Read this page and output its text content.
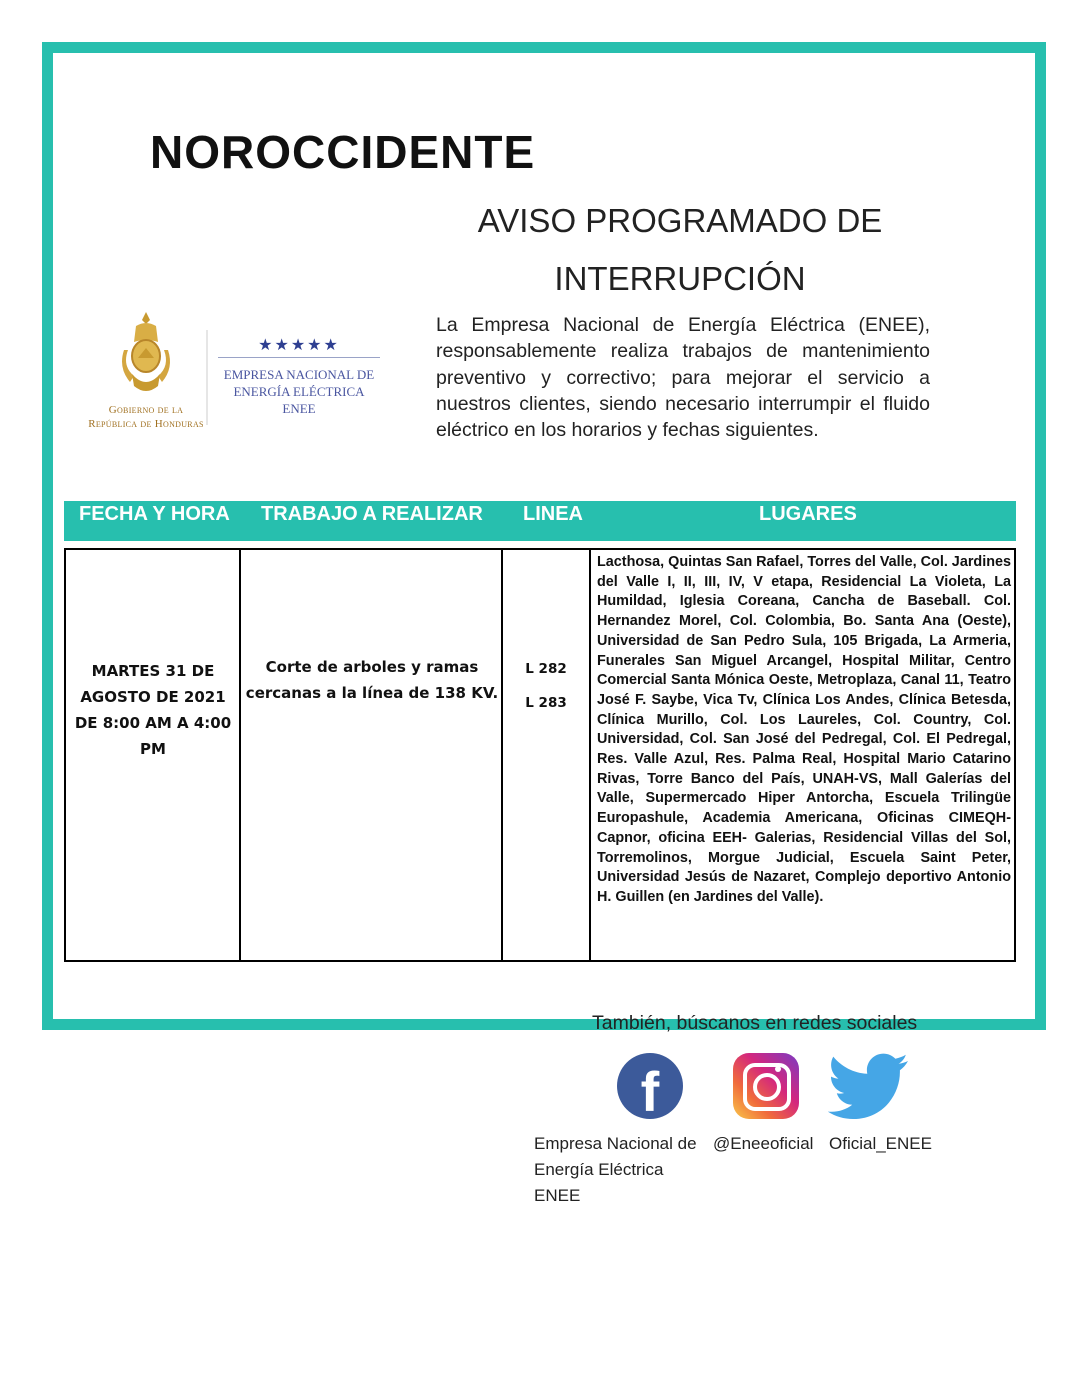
NOROCCIDENTE
AVISO PROGRAMADO DE
INTERRUPCIÓN
Gobierno de la
República de Honduras
★★★★★
EMPRESA NACIONAL DE
ENERGÍA ELÉCTRICA
ENEE
La Empresa Nacional de Energía Eléctrica (ENEE), responsablemente realiza trabajos de mantenimiento preventivo y correctivo; para mejorar el servicio a nuestros clientes, siendo necesario interrumpir el fluido eléctrico en los horarios y fechas siguientes.
FECHA Y HORA TRABAJO A REALIZAR LINEA	LUGARES
MARTES 31 DE
AGOSTO DE 2021
DE 8:00 AM A 4:00
PM
Corte de arboles y ramas
cercanas a la línea de 138 KV.
L 282
L 283
Lacthosa, Quintas San Rafael, Torres del Valle, Col. Jardines del Valle I, II, III, IV, V etapa, Residencial La Violeta, La Humildad, Iglesia Coreana, Cancha de Baseball. Col. Hernandez Morel, Col. Colombia, Bo. Santa Ana (Oeste), Universidad de San Pedro Sula, 105 Brigada, La Armeria, Funerales San Miguel Arcangel, Hospital Militar, Centro Comercial Santa Mónica Oeste, Metroplaza, Canal 11, Teatro José F. Saybe, Vica Tv, Clínica Los Andes, Clínica Betesda, Clínica Murillo, Col. Los Laureles, Col. Country, Col. Universidad, Col. San José del Pedregal, Col. El Pedregal, Res. Valle Azul, Res. Palma Real, Hospital Mario Catarino Rivas, Torre Banco del País, UNAH-VS, Mall Galerías del Valle, Supermercado Hiper Antorcha, Escuela Trilingüe Europashule, Academia Americana, Oficinas CIMEQH-Capnor, oficina EEH- Galerias, Residencial Villas del Sol, Torremolinos, Morgue Judicial, Escuela Saint Peter, Universidad Jesús de Nazaret, Complejo deportivo Antonio H. Guillen (en Jardines del Valle).
También, búscanos en redes sociales
f
Empresa Nacional de
Energía Eléctrica
ENEE
@Eneeoficial Oficial_ENEE
